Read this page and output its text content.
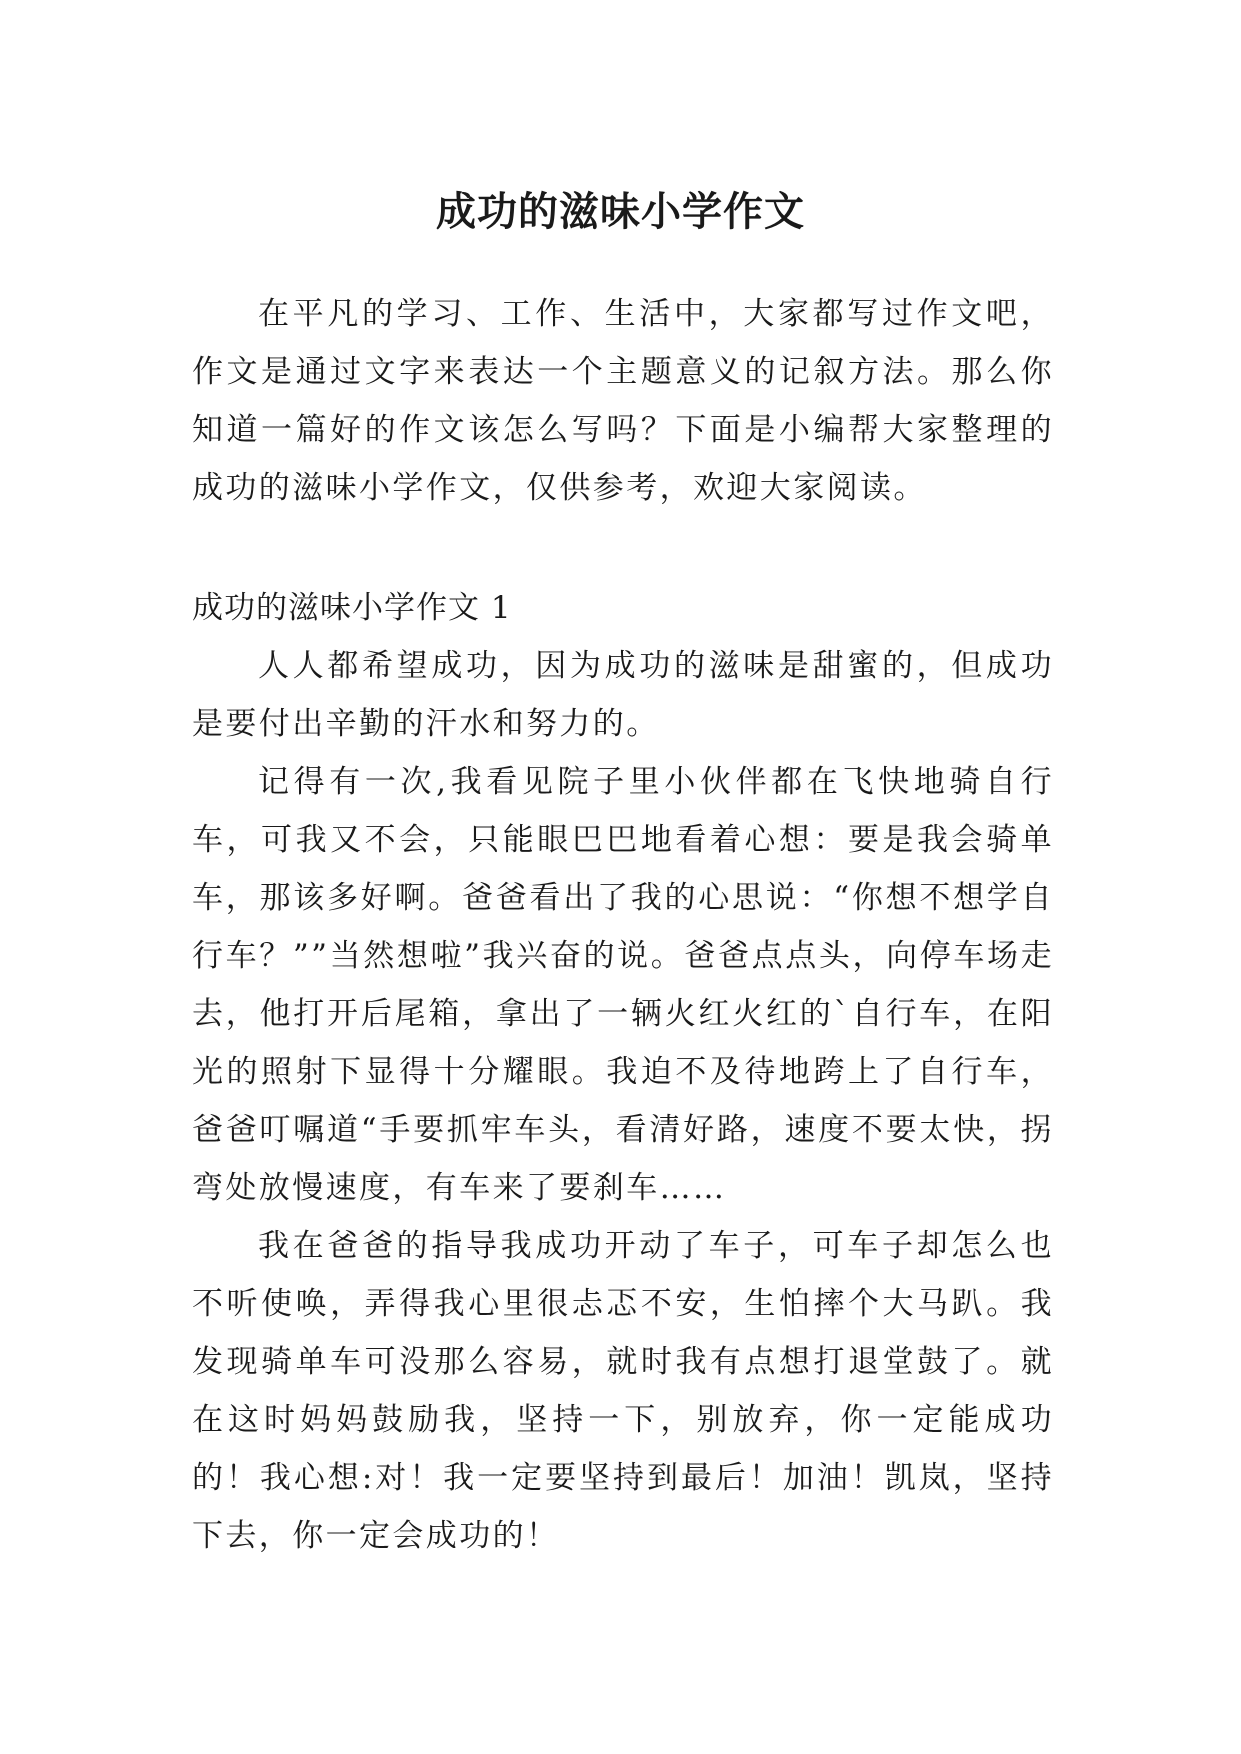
成功的滋味小学作文

在平凡的学习、工作、生活中，大家都写过作文吧，作文是通过文字来表达一个主题意义的记叙方法。那么你知道一篇好的作文该怎么写吗？下面是小编帮大家整理的成功的滋味小学作文，仅供参考，欢迎大家阅读。

成功的滋味小学作文 1

人人都希望成功，因为成功的滋味是甜蜜的，但成功是要付出辛勤的汗水和努力的。

记得有一次,我看见院子里小伙伴都在飞快地骑自行车，可我又不会，只能眼巴巴地看着心想：要是我会骑单车，那该多好啊。爸爸看出了我的心思说：“你想不想学自行车？””当然想啦”我兴奋的说。爸爸点点头，向停车场走去，他打开后尾箱，拿出了一辆火红火红的`自行车，在阳光的照射下显得十分耀眼。我迫不及待地跨上了自行车，爸爸叮嘱道“手要抓牢车头，看清好路，速度不要太快，拐弯处放慢速度，有车来了要刹车……

我在爸爸的指导我成功开动了车子，可车子却怎么也不听使唤，弄得我心里很忐忑不安，生怕摔个大马趴。我发现骑单车可没那么容易，就时我有点想打退堂鼓了。就在这时妈妈鼓励我，坚持一下，别放弃，你一定能成功的！我心想:对！我一定要坚持到最后！加油！凯岚，坚持下去，你一定会成功的！
